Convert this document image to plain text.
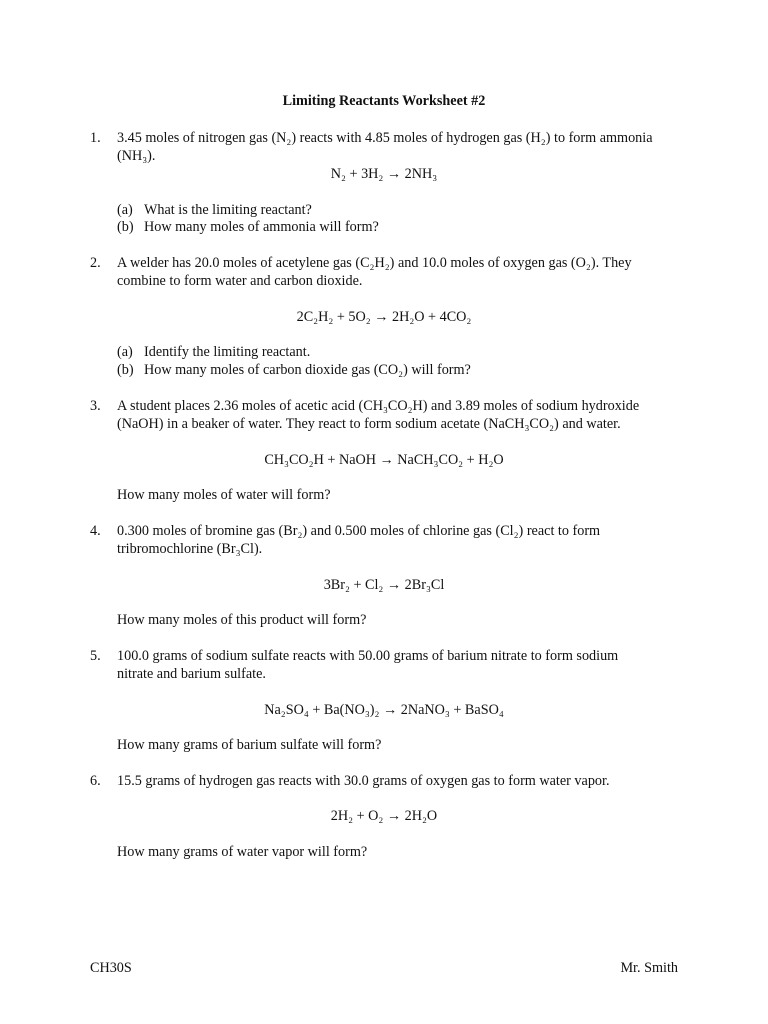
Limiting Reactants Worksheet #2
1. 3.45 moles of nitrogen gas (N₂) reacts with 4.85 moles of hydrogen gas (H₂) to form ammonia
(NH₃).
N₂ + 3H₂ → 2NH₃
(a) What is the limiting reactant?
(b) How many moles of ammonia will form?
2. A welder has 20.0 moles of acetylene gas (C₂H₂) and 10.0 moles of oxygen gas (O₂). They
combine to form water and carbon dioxide.
2C₂H₂ + 5O₂ → 2H₂O + 4CO₂
(a) Identify the limiting reactant.
(b) How many moles of carbon dioxide gas (CO₂) will form?
3. A student places 2.36 moles of acetic acid (CH₃CO₂H) and 3.89 moles of sodium hydroxide
(NaOH) in a beaker of water. They react to form sodium acetate (NaCH₃CO₂) and water.
CH₃CO₂H + NaOH → NaCH₃CO₂ + H₂O
How many moles of water will form?
4. 0.300 moles of bromine gas (Br₂) and 0.500 moles of chlorine gas (Cl₂) react to form
tribromochlorine (Br₃Cl).
3Br₂ + Cl₂ → 2Br₃Cl
How many moles of this product will form?
5. 100.0 grams of sodium sulfate reacts with 50.00 grams of barium nitrate to form sodium
nitrate and barium sulfate.
Na₂SO₄ + Ba(NO₃)₂ → 2NaNO₃ + BaSO₄
How many grams of barium sulfate will form?
6. 15.5 grams of hydrogen gas reacts with 30.0 grams of oxygen gas to form water vapor.
2H₂ + O₂ → 2H₂O
How many grams of water vapor will form?
CH30S	Mr. Smith
